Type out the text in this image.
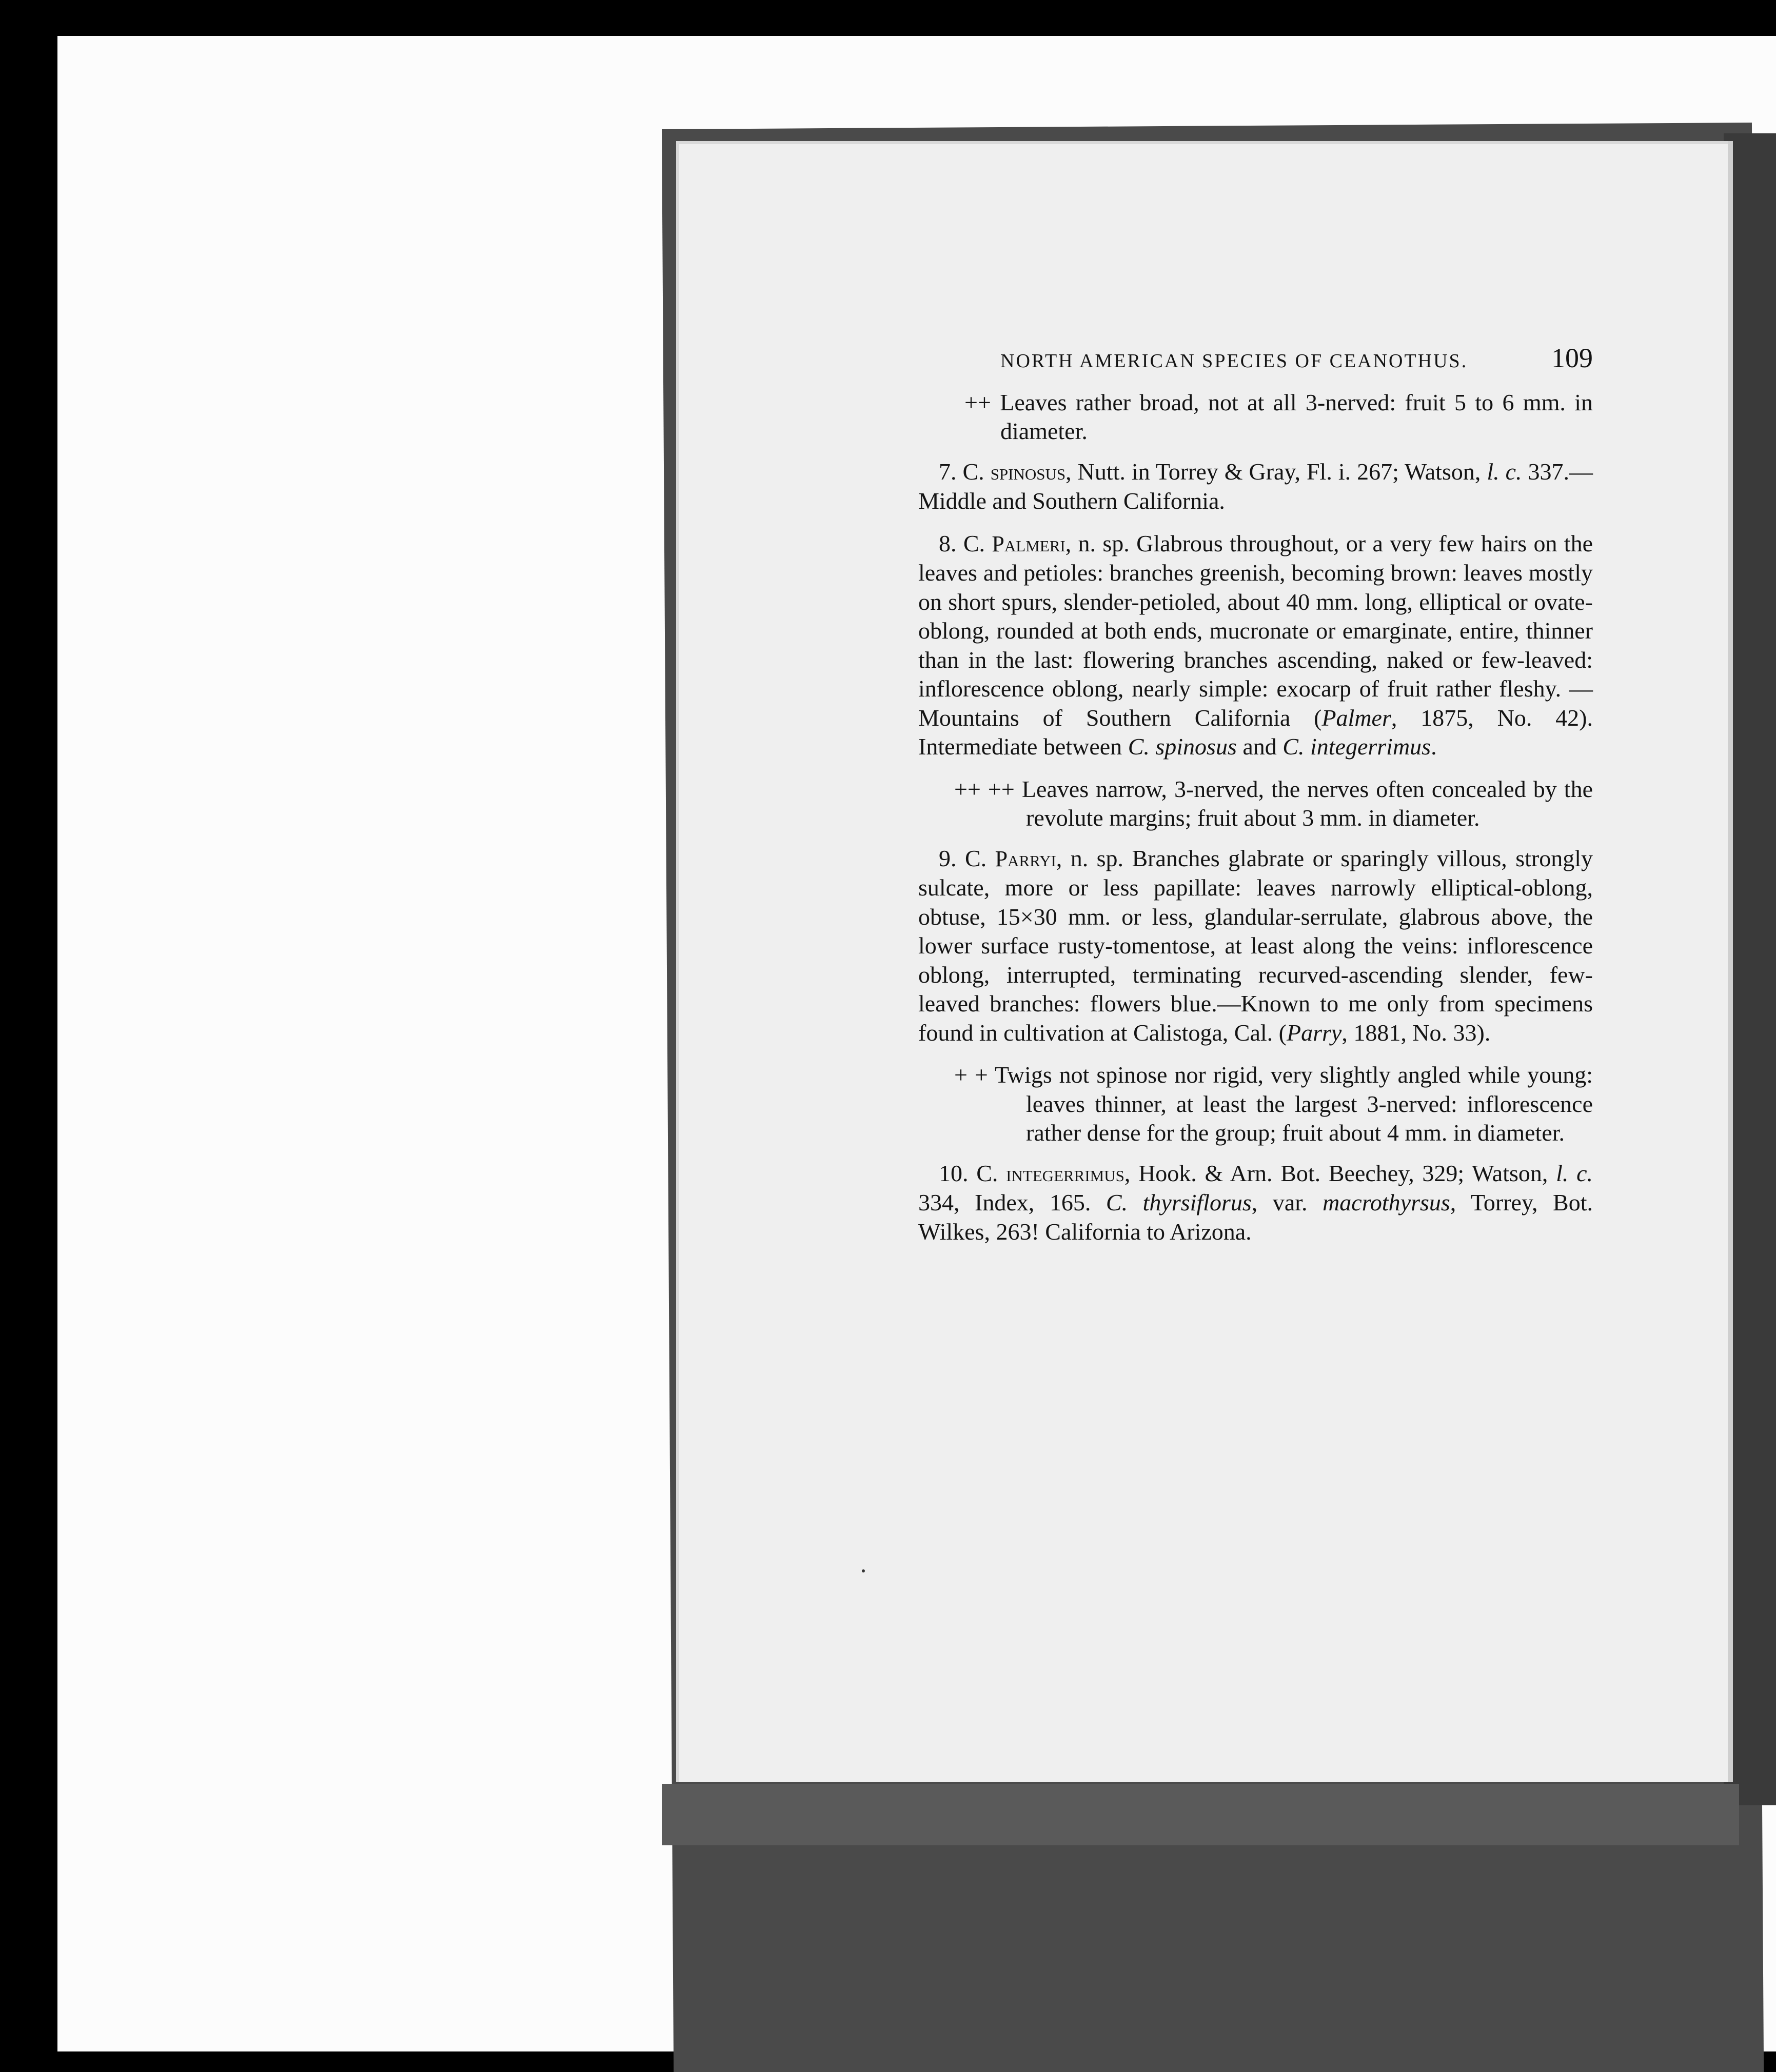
NORTH AMERICAN SPECIES OF CEANOTHUS.	109

++ Leaves rather broad, not at all 3-nerved: fruit 5 to 6 mm. in diameter.

7. C. spinosus, Nutt. in Torrey & Gray, Fl. i. 267; Watson, l. c. 337.—Middle and Southern California.

8. C. Palmeri, n. sp. Glabrous throughout, or a very few hairs on the leaves and petioles: branches greenish, becoming brown: leaves mostly on short spurs, slender-petioled, about 40 mm. long, elliptical or ovate-oblong, rounded at both ends, mucronate or emarginate, entire, thinner than in the last: flowering branches ascending, naked or few-leaved: inflorescence oblong, nearly simple: exocarp of fruit rather fleshy. — Mountains of Southern California (Palmer, 1875, No. 42). Intermediate between C. spinosus and C. integerrimus.

++ ++ Leaves narrow, 3-nerved, the nerves often concealed by the revolute margins; fruit about 3 mm. in diameter.

9. C. Parryi, n. sp. Branches glabrate or sparingly villous, strongly sulcate, more or less papillate: leaves narrowly elliptical-oblong, obtuse, 15×30 mm. or less, glandular-serrulate, glabrous above, the lower surface rusty-tomentose, at least along the veins: inflorescence oblong, interrupted, terminating recurved-ascending slender, few-leaved branches: flowers blue.—Known to me only from specimens found in cultivation at Calistoga, Cal. (Parry, 1881, No. 33).

+ + Twigs not spinose nor rigid, very slightly angled while young: leaves thinner, at least the largest 3-nerved: inflorescence rather dense for the group; fruit about 4 mm. in diameter.

10. C. integerrimus, Hook. & Arn. Bot. Beechey, 329; Watson, l. c. 334, Index, 165. C. thyrsiflorus, var. macrothyrsus, Torrey, Bot. Wilkes, 263! California to Arizona.
